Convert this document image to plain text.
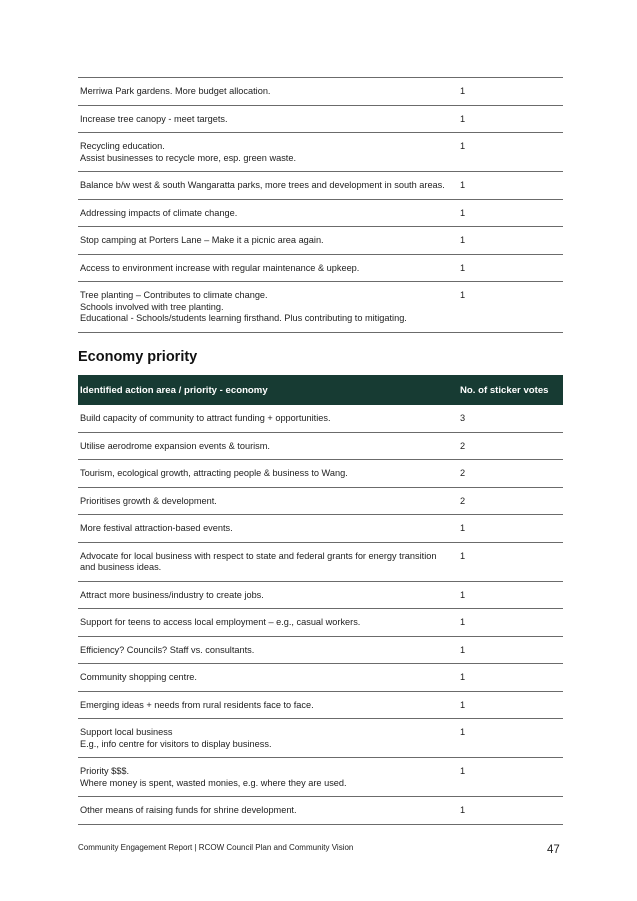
Merriwa Park gardens. More budget allocation.	1

Increase tree canopy - meet targets.	1

Recycling education.
Assist businesses to recycle more, esp. green waste.	1

Balance b/w west & south Wangaratta parks, more trees and development in south areas.	1

Addressing impacts of climate change.	1

Stop camping at Porters Lane – Make it a picnic area again.	1

Access to environment increase with regular maintenance & upkeep.	1

Tree planting – Contributes to climate change.
Schools involved with tree planting.
Educational - Schools/students learning firsthand. Plus contributing to mitigating.	1
Economy priority
Identified action area / priority - economy	No. of sticker votes

Build capacity of community to attract funding + opportunities.	3

Utilise aerodrome expansion events & tourism.	2

Tourism, ecological growth, attracting people & business to Wang.	2

Prioritises growth & development.	2

More festival attraction-based events.	1

Advocate for local business with respect to state and federal grants for energy transition and business ideas.	1

Attract more business/industry to create jobs.	1

Support for teens to access local employment – e.g., casual workers.	1

Efficiency? Councils? Staff vs. consultants.	1

Community shopping centre.	1

Emerging ideas + needs from rural residents face to face.	1

Support local business
E.g., info centre for visitors to display business.	1

Priority $$$.
Where money is spent, wasted monies, e.g. where they are used.	1

Other means of raising funds for shrine development.	1
Community Engagement Report | RCOW Council Plan and Community Vision	47
